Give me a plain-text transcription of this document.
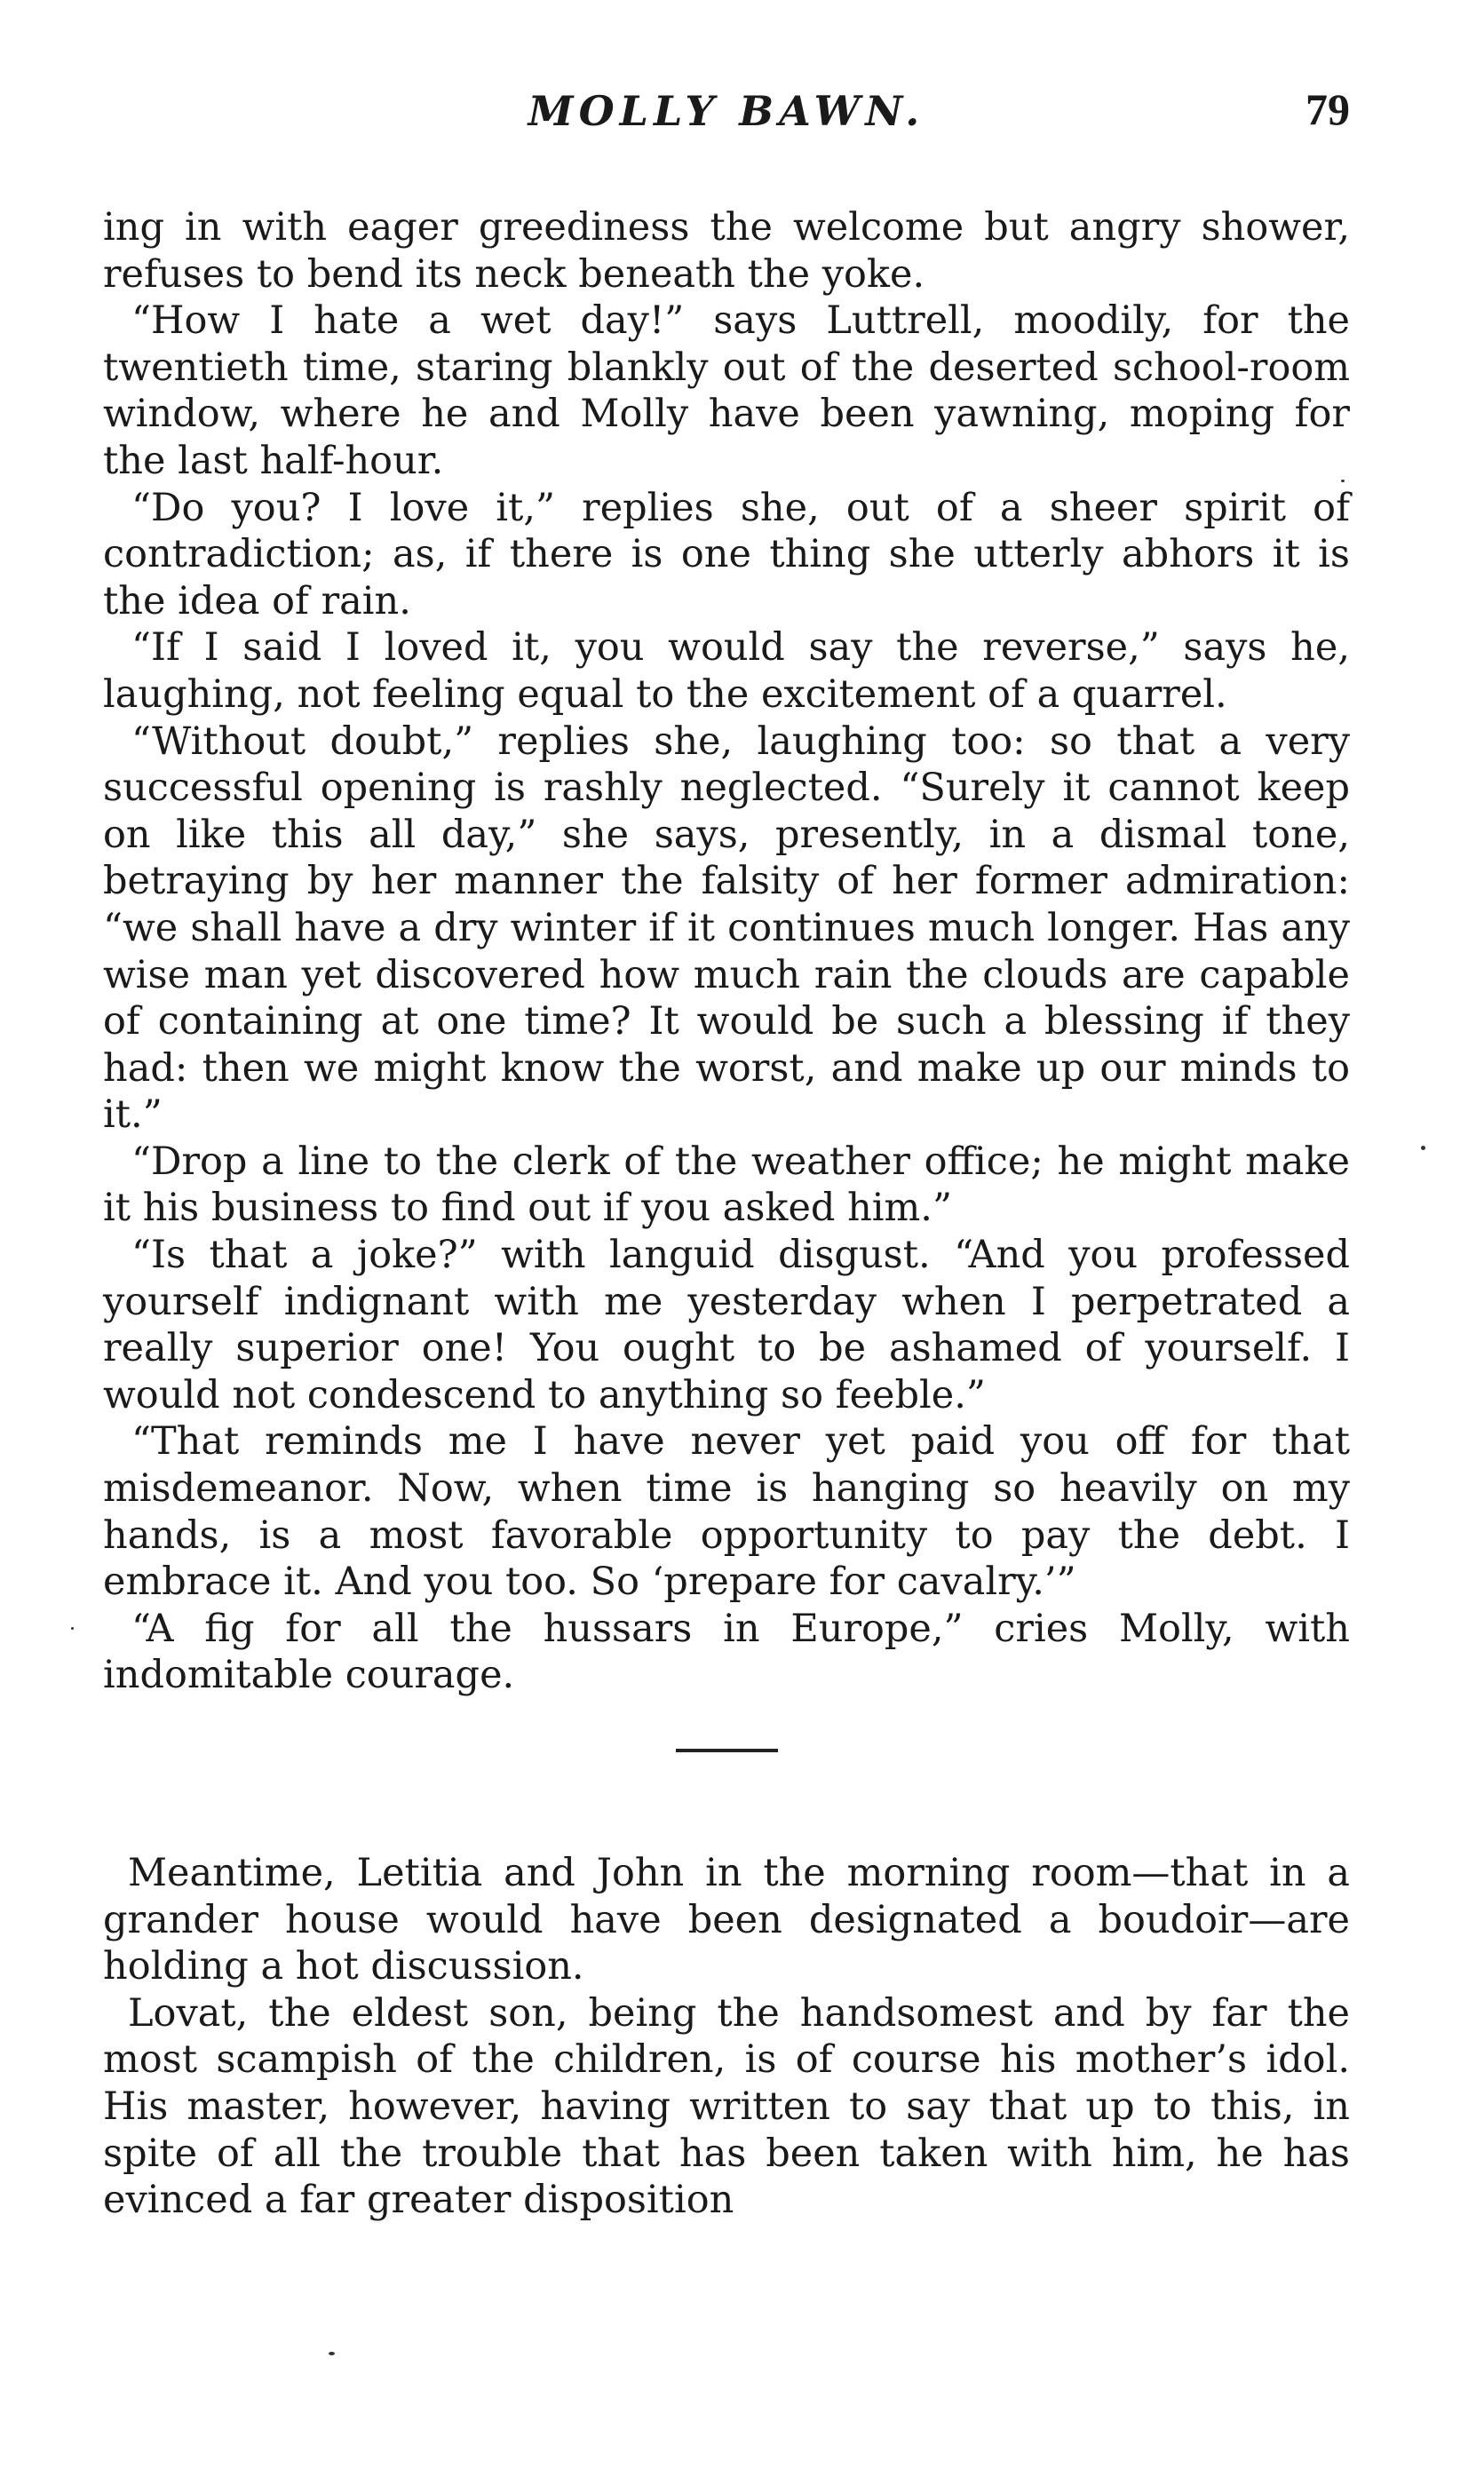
MOLLY BAWN.	79

ing in with eager greediness the welcome but angry shower, refuses to bend its neck beneath the yoke.

“How I hate a wet day!” says Luttrell, moodily, for the twentieth time, staring blankly out of the deserted school-room window, where he and Molly have been yawning, moping for the last half-hour.

“Do you? I love it,” replies she, out of a sheer spirit of contradiction; as, if there is one thing she utterly abhors it is the idea of rain.

“If I said I loved it, you would say the reverse,” says he, laughing, not feeling equal to the excitement of a quarrel.

“Without doubt,” replies she, laughing too: so that a very successful opening is rashly neglected. “Surely it cannot keep on like this all day,” she says, presently, in a dismal tone, betraying by her manner the falsity of her former admiration: “we shall have a dry winter if it continues much longer. Has any wise man yet discovered how much rain the clouds are capable of containing at one time? It would be such a blessing if they had: then we might know the worst, and make up our minds to it.”

“Drop a line to the clerk of the weather office; he might make it his business to find out if you asked him.”

“Is that a joke?” with languid disgust. “And you professed yourself indignant with me yesterday when I perpetrated a really superior one! You ought to be ashamed of yourself. I would not condescend to anything so feeble.”

“That reminds me I have never yet paid you off for that misdemeanor. Now, when time is hanging so heavily on my hands, is a most favorable opportunity to pay the debt. I embrace it. And you too. So ‘prepare for cavalry.’”

“A fig for all the hussars in Europe,” cries Molly, with indomitable courage.

Meantime, Letitia and John in the morning room—that in a grander house would have been designated a boudoir—are holding a hot discussion.

Lovat, the eldest son, being the handsomest and by far the most scampish of the children, is of course his mother’s idol. His master, however, having written to say that up to this, in spite of all the trouble that has been taken with him, he has evinced a far greater disposition
